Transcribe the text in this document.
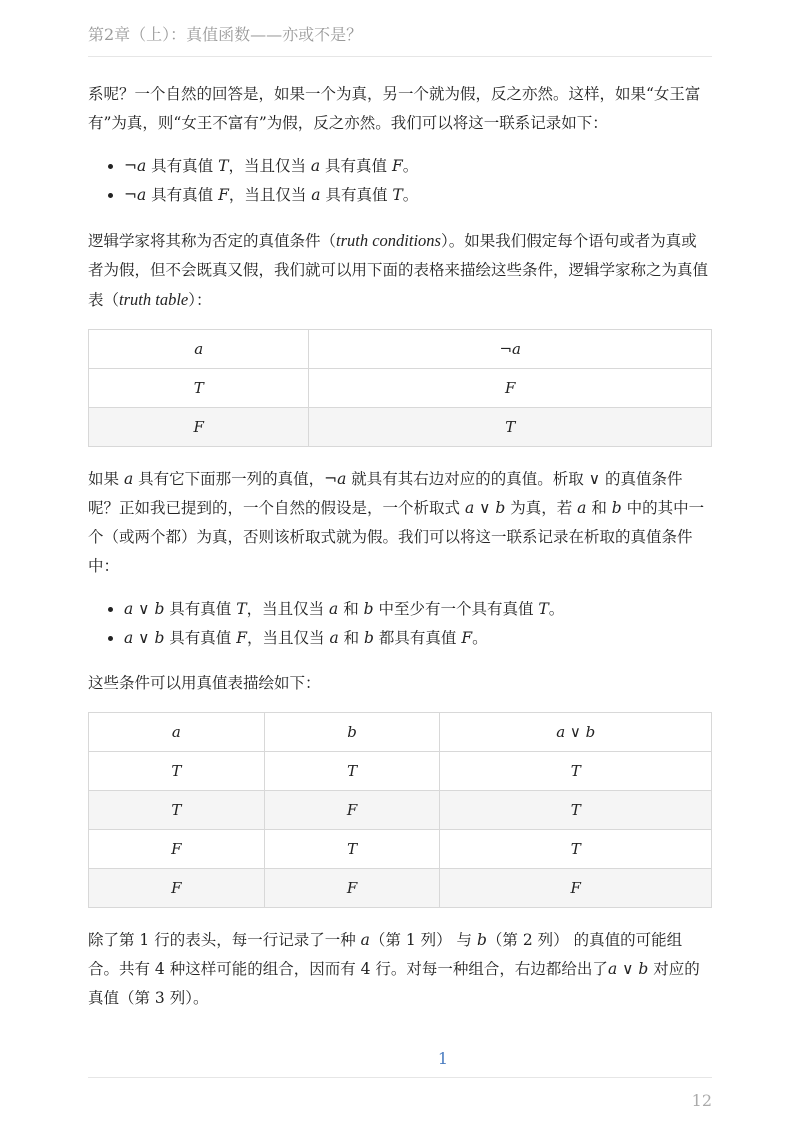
第2章（上）：真值函数——亦或不是？

系呢？一个自然的回答是，如果一个为真，另一个就为假，反之亦然。这样，如果“女王富有”为真，则“女王不富有”为假，反之亦然。我们可以将这一联系记录如下：

• ¬a 具有真值 T，当且仅当 a 具有真值 F。
• ¬a 具有真值 F，当且仅当 a 具有真值 T。

逻辑学家将其称为否定的真值条件（truth conditions）。如果我们假定每个语句或者为真或者为假，但不会既真又假，我们就可以用下面的表格来描绘这些条件，逻辑学家称之为真值表（truth table）：

a	¬a
T	F
F	T

如果 a 具有它下面那一列的真值，¬a 就具有其右边对应的的真值。析取 ∨ 的真值条件呢？正如我已提到的，一个自然的假设是，一个析取式 a ∨ b 为真，若 a 和 b 中的其中一个（或两个都）为真，否则该析取式就为假。我们可以将这一联系记录在析取的真值条件中：

• a ∨ b 具有真值 T，当且仅当 a 和 b 中至少有一个具有真值 T。
• a ∨ b 具有真值 F，当且仅当 a 和 b 都具有真值 F。

这些条件可以用真值表描绘如下：

a	b	a ∨ b
T	T	T
T	F	T
F	T	T
F	F	F

除了第 1 行的表头，每一行记录了一种 a（第 1 列） 与 b（第 2 列） 的真值的可能组合。共有 4 种这样可能的组合，因而有 4 行。对每一种组合，右边都给出了a ∨ b 对应的真值（第 3 列）。

1
12
